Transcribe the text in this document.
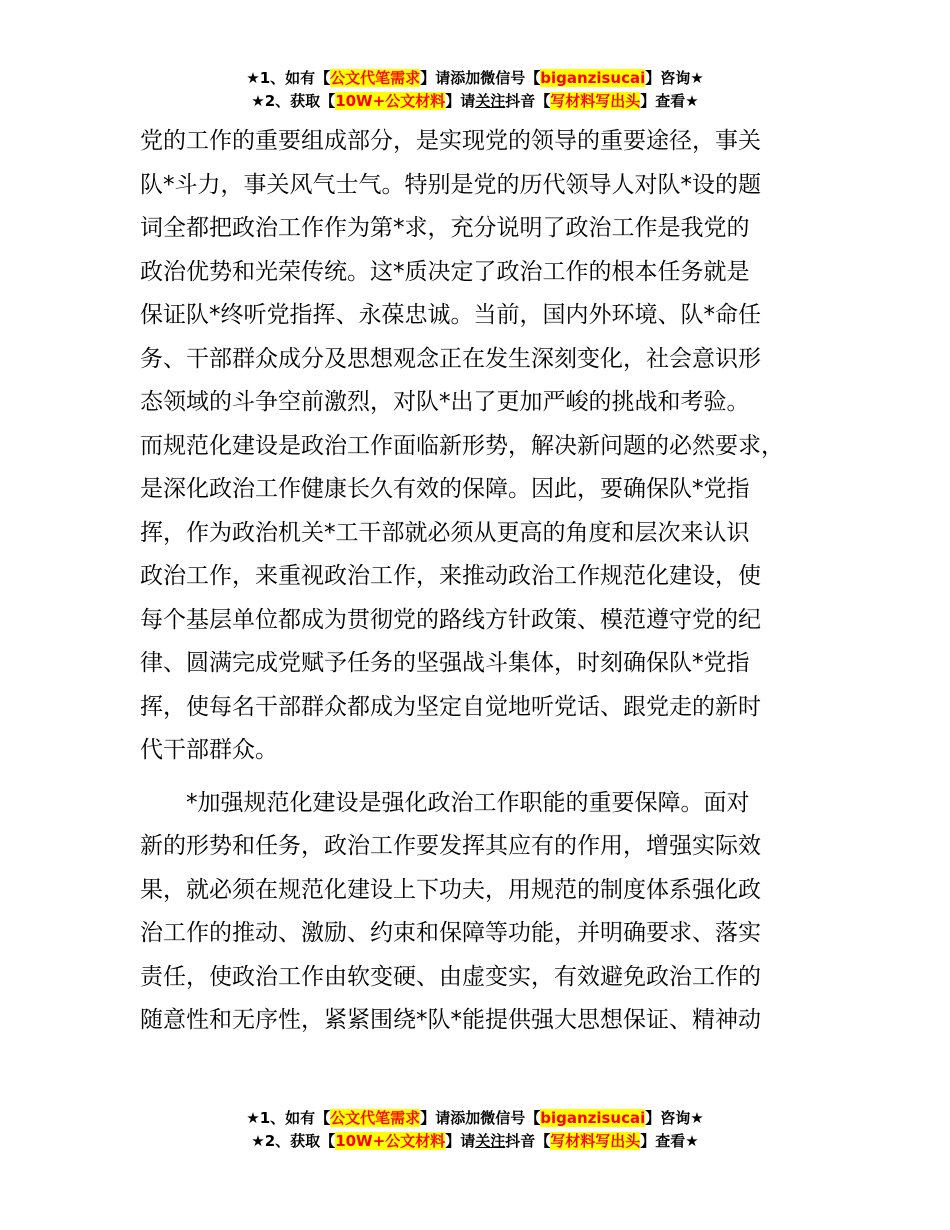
★1、如有【公文代笔需求】请添加微信号【biganzisucai】咨询★
★2、获取【10W+公文材料】请关注抖音【写材料写出头】查看★
党的工作的重要组成部分，是实现党的领导的重要途径，事关
队*斗力，事关风气士气。特别是党的历代领导人对队*设的题
词全都把政治工作作为第*求，充分说明了政治工作是我党的
政治优势和光荣传统。这*质决定了政治工作的根本任务就是
保证队*终听党指挥、永葆忠诚。当前，国内外环境、队*命任
务、干部群众成分及思想观念正在发生深刻变化，社会意识形
态领域的斗争空前激烈，对队*出了更加严峻的挑战和考验。
而规范化建设是政治工作面临新形势，解决新问题的必然要求，
是深化政治工作健康长久有效的保障。因此，要确保队*党指
挥，作为政治机关*工干部就必须从更高的角度和层次来认识
政治工作，来重视政治工作，来推动政治工作规范化建设，使
每个基层单位都成为贯彻党的路线方针政策、模范遵守党的纪
律、圆满完成党赋予任务的坚强战斗集体，时刻确保队*党指
挥，使每名干部群众都成为坚定自觉地听党话、跟党走的新时
代干部群众。
　　*加强规范化建设是强化政治工作职能的重要保障。面对
新的形势和任务，政治工作要发挥其应有的作用，增强实际效
果，就必须在规范化建设上下功夫，用规范的制度体系强化政
治工作的推动、激励、约束和保障等功能，并明确要求、落实
责任，使政治工作由软变硬、由虚变实，有效避免政治工作的
随意性和无序性，紧紧围绕*队*能提供强大思想保证、精神动
★1、如有【公文代笔需求】请添加微信号【biganzisucai】咨询★
★2、获取【10W+公文材料】请关注抖音【写材料写出头】查看★
